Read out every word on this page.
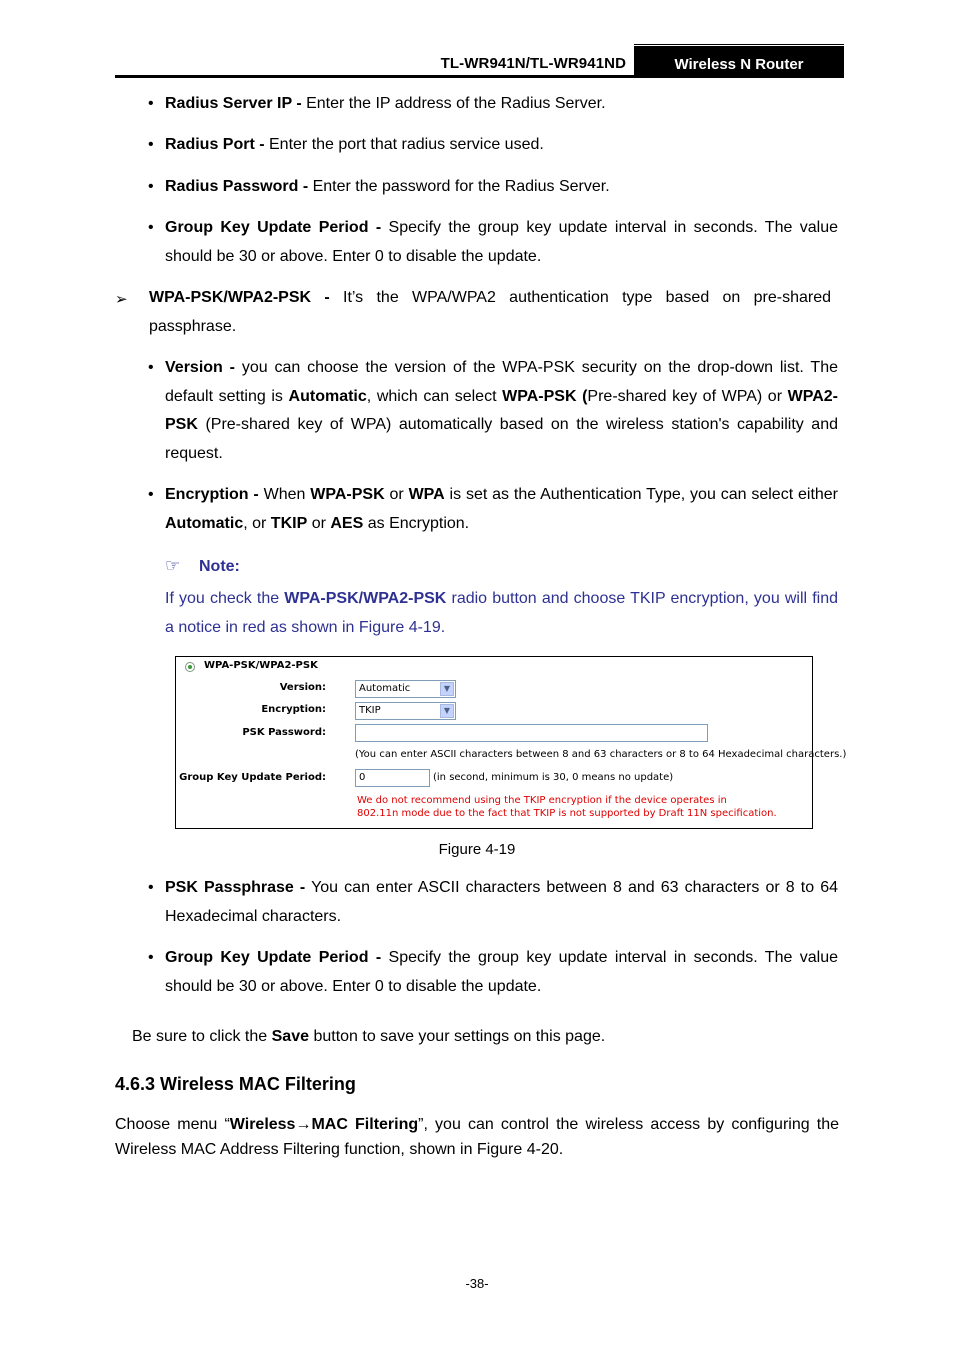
TL-WR941N/TL-WR941ND	Wireless N Router
• Radius Server IP - Enter the IP address of the Radius Server.
• Radius Port - Enter the port that radius service used.
• Radius Password - Enter the password for the Radius Server.
• Group Key Update Period - Specify the group key update interval in seconds. The value should be 30 or above. Enter 0 to disable the update.
➢ WPA-PSK/WPA2-PSK - It’s the WPA/WPA2 authentication type based on pre-shared passphrase.
• Version - you can choose the version of the WPA-PSK security on the drop-down list. The default setting is Automatic, which can select WPA-PSK (Pre-shared key of WPA) or WPA2-PSK (Pre-shared key of WPA) automatically based on the wireless station's capability and request.
• Encryption - When WPA-PSK or WPA is set as the Authentication Type, you can select either Automatic, or TKIP or AES as Encryption.
☞ Note:
If you check the WPA-PSK/WPA2-PSK radio button and choose TKIP encryption, you will find a notice in red as shown in Figure 4-19.
WPA-PSK/WPA2-PSK
Version:	Automatic	▼
Encryption:	TKIP	▼
PSK Password:
(You can enter ASCII characters between 8 and 63 characters or 8 to 64 Hexadecimal characters.)
Group Key Update Period:	0	(in second, minimum is 30, 0 means no update)
We do not recommend using the TKIP encryption if the device operates in
802.11n mode due to the fact that TKIP is not supported by Draft 11N specification.
Figure 4-19
• PSK Passphrase - You can enter ASCII characters between 8 and 63 characters or 8 to 64 Hexadecimal characters.
• Group Key Update Period - Specify the group key update interval in seconds. The value should be 30 or above. Enter 0 to disable the update.
Be sure to click the Save button to save your settings on this page.
4.6.3 Wireless MAC Filtering
Choose menu “Wireless→MAC Filtering”, you can control the wireless access by configuring the Wireless MAC Address Filtering function, shown in Figure 4-20.
-38-
